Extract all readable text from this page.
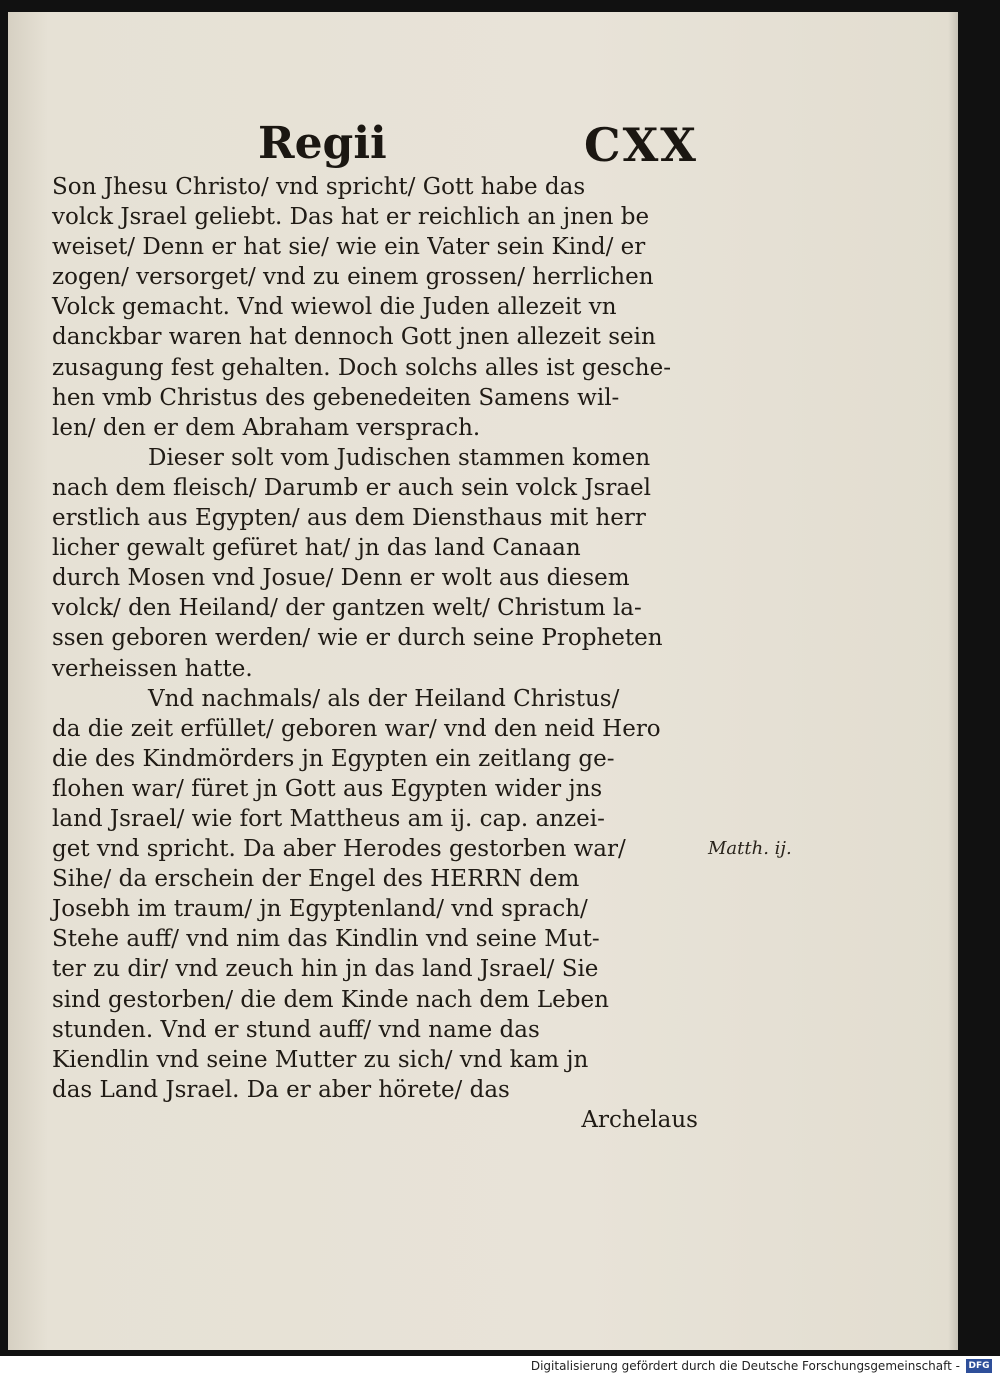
Regii	CXX
Son Jhesu Christo/ vnd spricht/ Gott habe das
volck Jsrael geliebt. Das hat er reichlich an jnen be
weiset/ Denn er hat sie/ wie ein Vater sein Kind/ er
zogen/ versorget/ vnd zu einem grossen/ herrlichen
Volck gemacht. Vnd wiewol die Juden allezeit vn
danckbar waren hat dennoch Gott jnen allezeit sein
zusagung fest gehalten. Doch solchs alles ist gesche-
hen vmb Christus des gebenedeiten Samens wil-
len/ den er dem Abraham versprach.
Dieser solt vom Judischen stammen komen
nach dem fleisch/ Darumb er auch sein volck Jsrael
erstlich aus Egypten/ aus dem Diensthaus mit herr
licher gewalt gefüret hat/ jn das land Canaan
durch Mosen vnd Josue/ Denn er wolt aus diesem
volck/ den Heiland/ der gantzen welt/ Christum la-
ssen geboren werden/ wie er durch seine Propheten
verheissen hatte.
Vnd nachmals/ als der Heiland Christus/
da die zeit erfüllet/ geboren war/ vnd den neid Hero
die des Kindmörders jn Egypten ein zeitlang ge-
flohen war/ füret jn Gott aus Egypten wider jns
land Jsrael/ wie fort Mattheus am ij. cap. anzei-
get vnd spricht. Da aber Herodes gestorben war/
Sihe/ da erschein der Engel des HERRN dem
Josebh im traum/ jn Egyptenland/ vnd sprach/
Stehe auff/ vnd nim das Kindlin vnd seine Mut-
ter zu dir/ vnd zeuch hin jn das land Jsrael/ Sie
sind gestorben/ die dem Kinde nach dem Leben
stunden. Vnd er stund auff/ vnd name das
Kiendlin vnd seine Mutter zu sich/ vnd kam jn
das Land Jsrael. Da er aber hörete/ das
Archelaus
Matth. ij.
Digitalisierung gefördert durch die Deutsche Forschungsgemeinschaft - DFG
